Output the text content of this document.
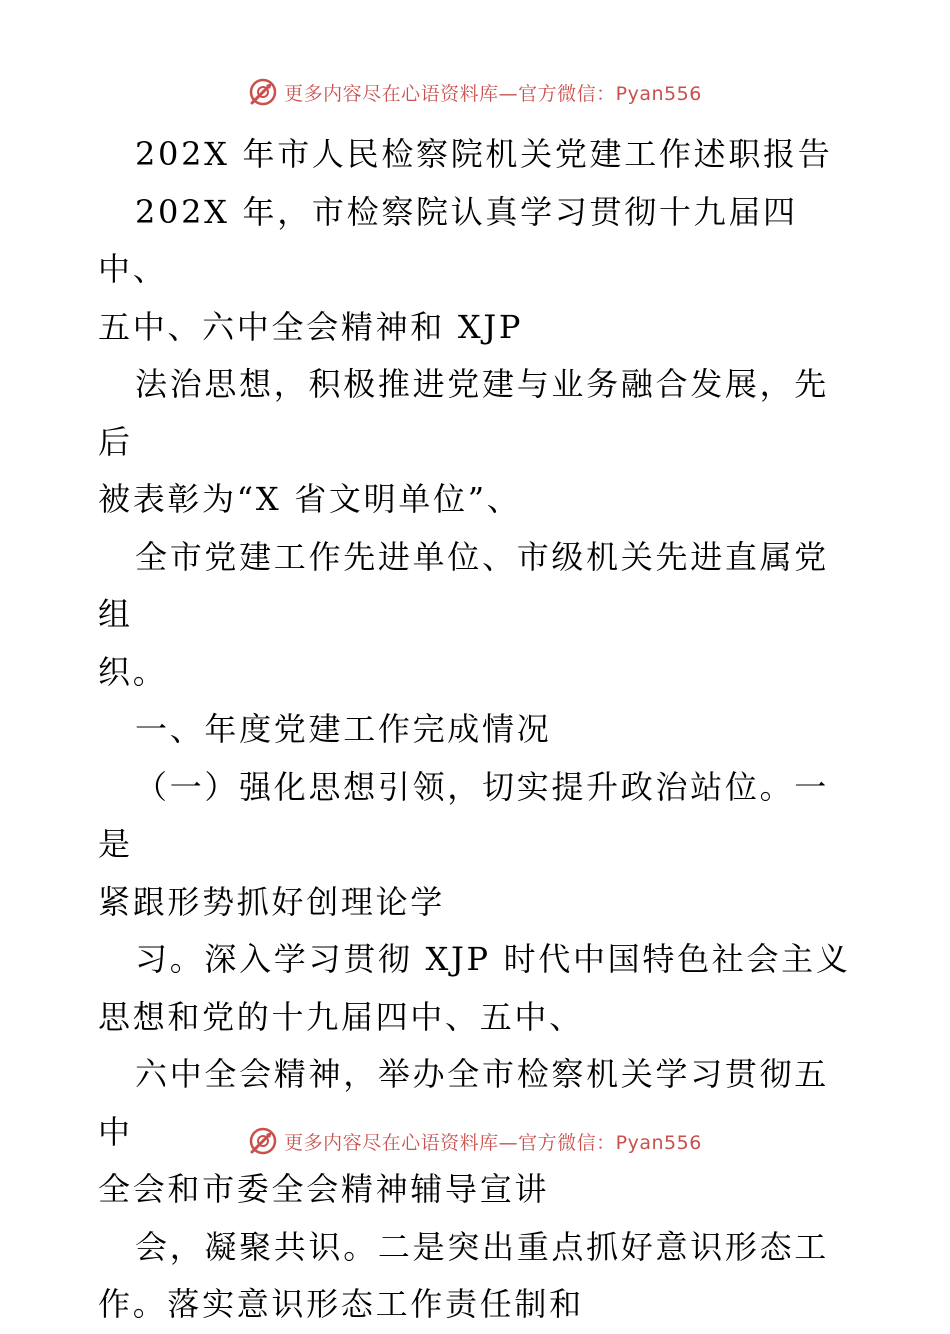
更多内容尽在心语资料库—官方微信：Pyan556

202X 年市人民检察院机关党建工作述职报告

202X 年，市检察院认真学习贯彻十九届四中、

五中、六中全会精神和 XJP

法治思想，积极推进党建与业务融合发展，先后

被表彰为“X 省文明单位”、

全市党建工作先进单位、市级机关先进直属党组

织。

一、年度党建工作完成情况

（一）强化思想引领，切实提升政治站位。一是

紧跟形势抓好创理论学

习。深入学习贯彻 XJP 时代中国特色社会主义

思想和党的十九届四中、五中、

六中全会精神，举办全市检察机关学习贯彻五中

全会和市委全会精神辅导宣讲

会，凝聚共识。二是突出重点抓好意识形态工

作。落实意识形态工作责任制和

更多内容尽在心语资料库—官方微信：Pyan556
